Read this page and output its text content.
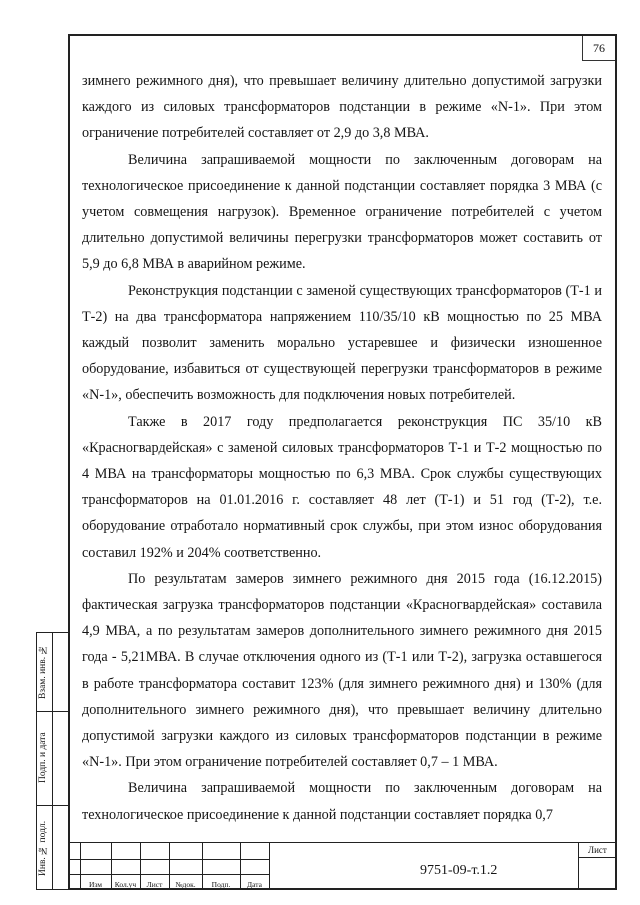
76

зимнего режимного дня), что превышает величину длительно допустимой загрузки каждого из силовых трансформаторов подстанции в режиме «N-1». При этом ограничение потребителей составляет от 2,9 до 3,8 МВА.

Величина запрашиваемой мощности по заключенным договорам на технологическое присоединение к данной подстанции составляет порядка 3 МВА (с учетом совмещения нагрузок). Временное ограничение потребителей с учетом длительно допустимой величины перегрузки трансформаторов может составить от 5,9 до 6,8 МВА в аварийном режиме.

Реконструкция подстанции с заменой существующих трансформаторов (Т-1 и Т-2) на два трансформатора напряжением 110/35/10 кВ мощностью по 25 МВА каждый позволит заменить морально устаревшее и физически изношенное оборудование, избавиться от существующей перегрузки трансформаторов в режиме «N-1», обеспечить возможность для подключения новых потребителей.

Также в 2017 году предполагается реконструкция ПС 35/10 кВ «Красногвардейская» с заменой силовых трансформаторов Т-1 и Т-2 мощностью по 4 МВА на трансформаторы мощностью по 6,3 МВА. Срок службы существующих трансформаторов на 01.01.2016 г. составляет 48 лет (Т-1) и 51 год (Т-2), т.е. оборудование отработало нормативный срок службы, при этом износ оборудования составил 192% и 204% соответственно.

По результатам замеров зимнего режимного дня 2015 года (16.12.2015) фактическая загрузка трансформаторов подстанции «Красногвардейская» составила 4,9 МВА, а по результатам замеров дополнительного зимнего режимного дня 2015 года - 5,21МВА. В случае отключения одного из (Т-1 или Т-2), загрузка оставшегося в работе трансформатора составит 123% (для зимнего режимного дня) и 130% (для дополнительного зимнего режимного дня), что превышает величину длительно допустимой загрузки каждого из силовых трансформаторов подстанции в режиме «N-1». При этом ограничение потребителей составляет 0,7 – 1 МВА.

Величина запрашиваемой мощности по заключенным договорам на технологическое присоединение к данной подстанции составляет порядка 0,7

Взам. инв. №
Подп. и дата
Инв. № подл.
Изм	Кол.уч	Лист	№док.	Подп.	Дата
9751-09-т.1.2
Лист
